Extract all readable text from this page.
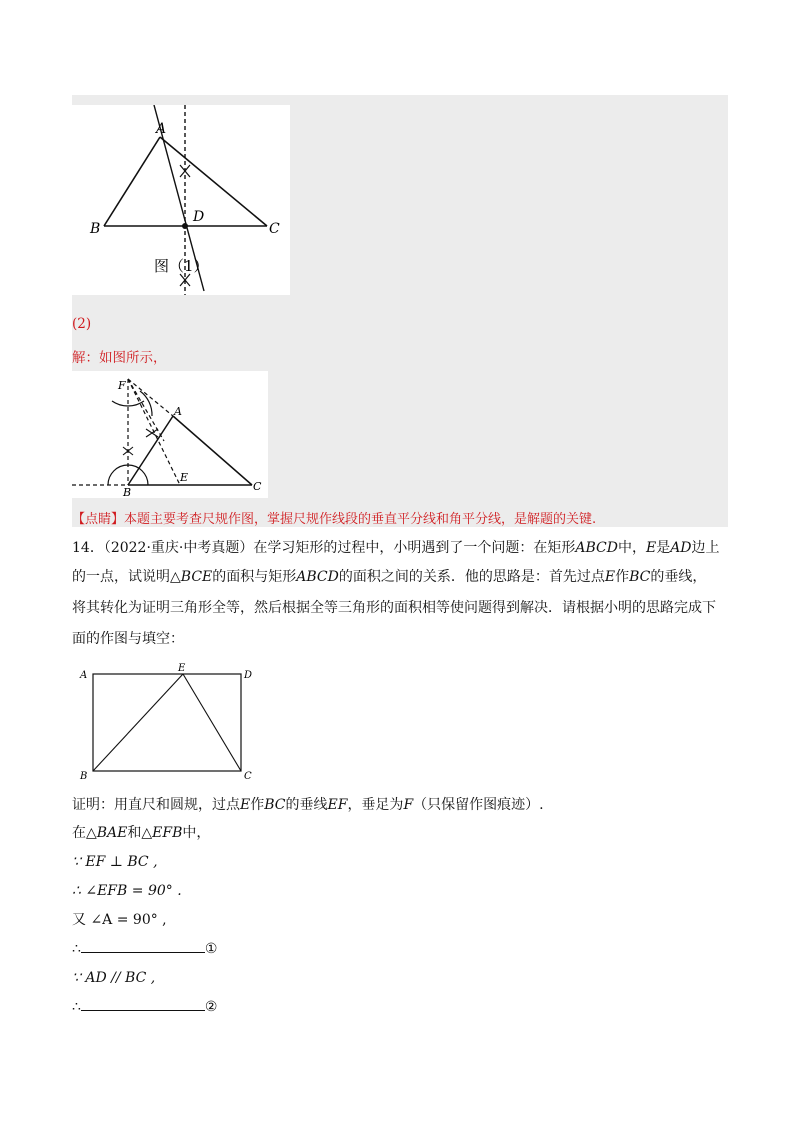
A
B	C
D
图（1）
(2)
解：如图所示，
F
A
E
B	C
【点睛】本题主要考查尺规作图，掌握尺规作线段的垂直平分线和角平分线，是解题的关键.
14．（2022·重庆·中考真题）在学习矩形的过程中，小明遇到了一个问题：在矩形ABCD中，E是AD边上
的一点，试说明△BCE的面积与矩形ABCD的面积之间的关系．他的思路是：首先过点E作BC的垂线，
将其转化为证明三角形全等，然后根据全等三角形的面积相等使问题得到解决．请根据小明的思路完成下
面的作图与填空：
A
E
D
B	C
证明：用直尺和圆规，过点E作BC的垂线EF，垂足为F（只保留作图痕迹）.
在△BAE和△EFB中，
∵ EF ⊥ BC ,
∴ ∠EFB = 90° .
又 ∠A = 90° ,
∴	①
∵ AD // BC ,
∴	②
